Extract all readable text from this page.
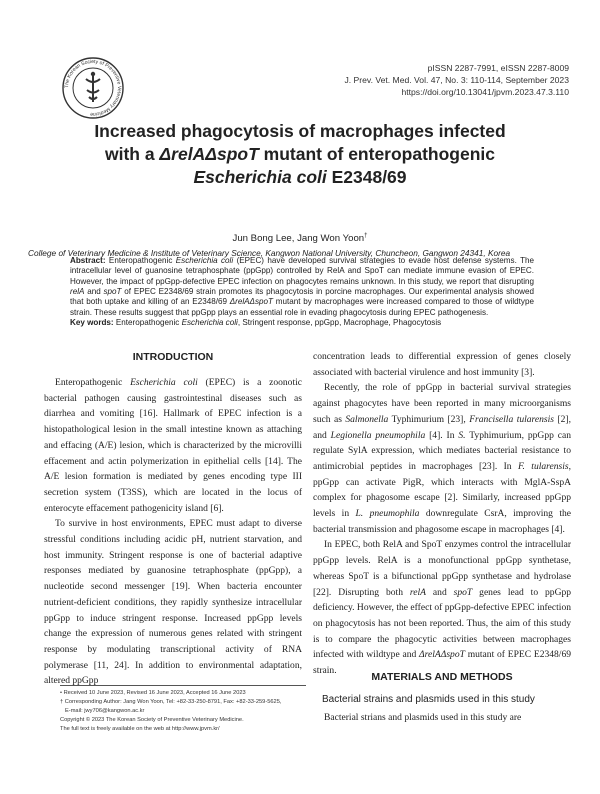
The Korean Society of Preventive Veterinary Medicine
pISSN 2287-7991, eISSN 2287-8009
J. Prev. Vet. Med. Vol. 47, No. 3: 110-114, September 2023
https://doi.org/10.13041/jpvm.2023.47.3.110
Increased phagocytosis of macrophages infected
with a ΔrelAΔspoT mutant of enteropathogenic
Escherichia coli E2348/69
Jun Bong Lee, Jang Won Yoon†
College of Veterinary Medicine & Institute of Veterinary Science, Kangwon National University, Chuncheon, Gangwon 24341, Korea
Abstract: Enteropathogenic Escherichia coli (EPEC) have developed survival strategies to evade host defense systems. The intracellular level of guanosine tetraphosphate (ppGpp) controlled by RelA and SpoT can mediate immune evasion of EPEC. However, the impact of ppGpp-defective EPEC infection on phagocytes remains unknown. In this study, we report that disrupting relA and spoT of EPEC E2348/69 strain promotes its phagocytosis in porcine macrophages. Our experimental analysis showed that both uptake and killing of an E2348/69 ΔrelAΔspoT mutant by macrophages were increased compared to those of wildtype strain. These results suggest that ppGpp plays an essential role in evading phagocytosis during EPEC pathogenesis.
Key words: Enteropathogenic Escherichia coli, Stringent response, ppGpp, Macrophage, Phagocytosis
INTRODUCTION

Enteropathogenic Escherichia coli (EPEC) is a zoonotic bacterial pathogen causing gastrointestinal diseases such as diarrhea and vomiting [16]. Hallmark of EPEC infection is a histopathological lesion in the small intestine known as attaching and effacing (A/E) lesion, which is characterized by the microvilli effacement and actin polymerization in epithelial cells [14]. The A/E lesion formation is mediated by genes encoding type III secretion system (T3SS), which are located in the locus of enterocyte effacement pathogenicity island [6].

To survive in host environments, EPEC must adapt to diverse stressful conditions including acidic pH, nutrient starvation, and host immunity. Stringent response is one of bacterial adaptive responses mediated by guanosine tetraphosphate (ppGpp), a nucleotide second messenger [19]. When bacteria encounter nutrient-deficient conditions, they rapidly synthesize intracellular ppGpp to induce stringent response. Increased ppGpp levels change the expression of numerous genes related with stringent response by modulating transcriptional activity of RNA polymerase [11, 24]. In addition to environmental adaptation, altered ppGpp

concentration leads to differential expression of genes closely associated with bacterial virulence and host immunity [3].

Recently, the role of ppGpp in bacterial survival strategies against phagocytes have been reported in many microorganisms such as Salmonella Typhimurium [23], Francisella tularensis [2], and Legionella pneumophila [4]. In S. Typhimurium, ppGpp can regulate SylA expression, which mediates bacterial resistance to antimicrobial peptides in macrophages [23]. In F. tularensis, ppGpp can activate PigR, which interacts with MglA-SspA complex for phagosome escape [2]. Similarly, increased ppGpp levels in L. pneumophila downregulate CsrA, improving the bacterial transmission and phagosome escape in macrophages [4].

In EPEC, both RelA and SpoT enzymes control the intracellular ppGpp levels. RelA is a monofunctional ppGpp synthetase, whereas SpoT is a bifunctional ppGpp synthetase and hydrolase [22]. Disrupting both relA and spoT genes lead to ppGpp deficiency. However, the effect of ppGpp-defective EPEC infection on phagocytosis has not been reported. Thus, the aim of this study is to compare the phagocytic activities between macrophages infected with wildtype and ΔrelAΔspoT mutant of EPEC E2348/69 strain.

MATERIALS AND METHODS
Bacterial strains and plasmids used in this study

Bacterial strians and plasmids used in this study are

• Received 10 June 2023, Revised 16 June 2023, Accepted 16 June 2023
† Corresponding Author: Jang Won Yoon, Tel: +82-33-250-8791, Fax: +82-33-259-5625,
E-mail: jwy706@kangwon.ac.kr
Copyright © 2023 The Korean Society of Preventive Veterinary Medicine.
The full text is freely available on the web at http://www.jpvm.kr/
